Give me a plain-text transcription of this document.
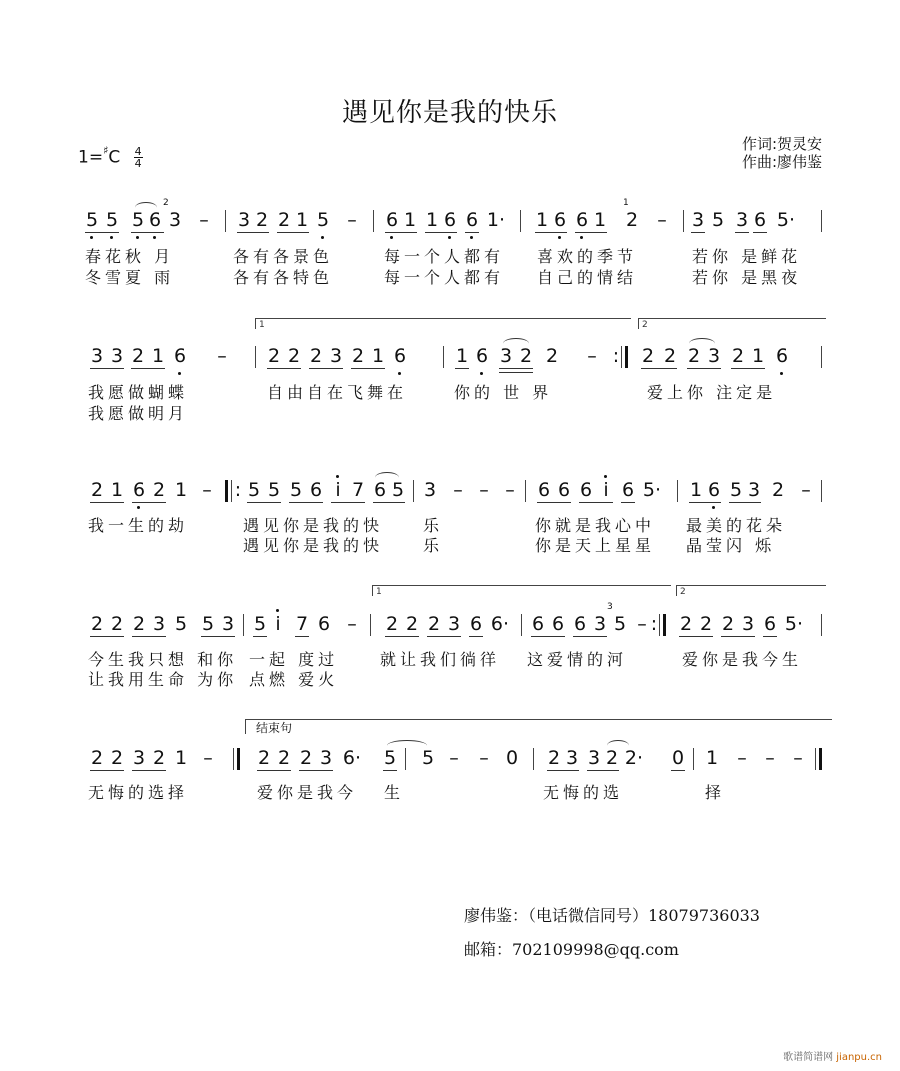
遇见你是我的快乐
$1=^♯C \frac{4}{4}$
作词:贺灵安
作曲:廖伟鉴
5 5 5 6
2
3 – 3 2 2 1 5 – 6 1 1 6 6 1· 1 6 6 1
1
2 – 3 5 3 6 5·
春花秋 月	各有各景色	每一个人都有 喜欢的季节	若你 是鲜花
冬雪夏 雨	各有各特色	每一个人都有 自己的情结	若你 是黑夜
1	2
3 3 2 1 6 – 2 2 2 3 2 1 6	1 6 3 2 2 – : 2 2 2 3 2 1 6
我愿做蝴蝶	自由自在飞舞在	你的 世 界	爱上你 注定是
我愿做明月
2 1 6 2 1 – : 5 5 5 6 i 7 6 5 3 – – – 6 6 6 i 6 5· 1 6 5 3 2 –
我一生的劫	遇见你是我的快 乐	你就是我心中 最美的花朵
遇见你是我的快 乐	你是天上星星 晶莹闪 烁
1	2
2 2 2 3 5 5 3 5 i 7 6 – 2 2 2 3 6 6· 6 6 6 3
3
5 – : 2 2 2 3 6 5·
今生我只想 和你 一起 度过	就让我们徜徉 这爱情的河	爱你是我今生
让我用生命 为你 点燃 爱火
结束句
2 2 3 2 1 – 2 2 2 3 6· 5 5 – – 0 2 3 3 2 2· 0 1 – – –
无悔的选择	爱你是我今 生	无悔的选	择
廖伟鉴：（电话微信同号）18079736033
邮箱：702109998@qq.com
歌谱简谱网 jianpu.cn
